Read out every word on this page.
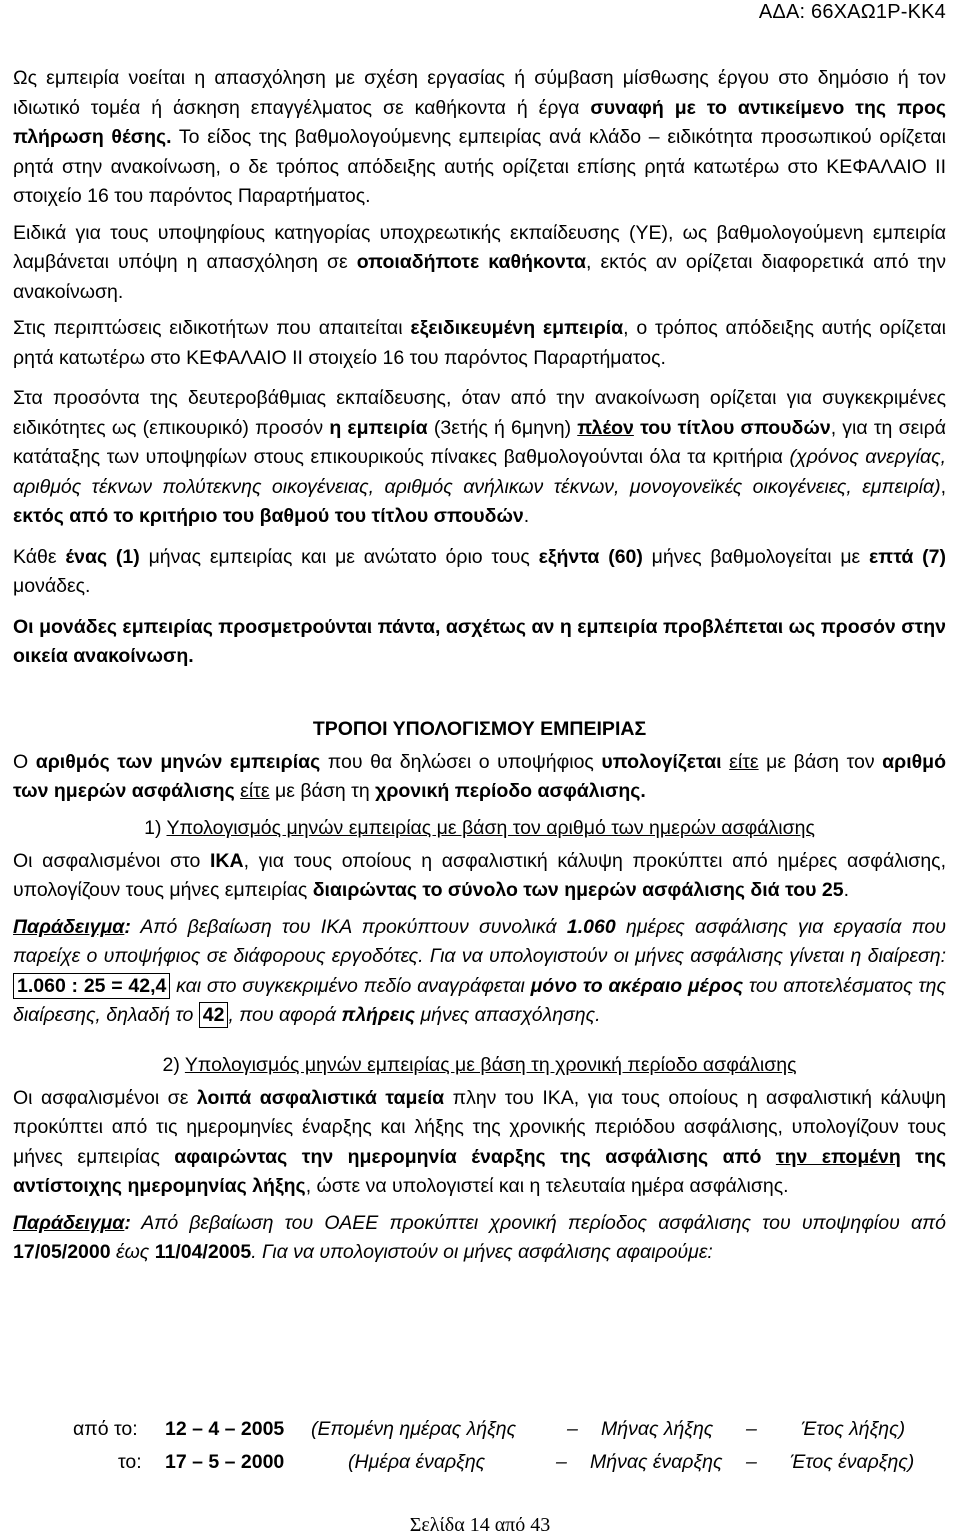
ΑΔΑ: 66ΧΑΩ1Ρ-ΚΚ4

Ως εμπειρία νοείται η απασχόληση με σχέση εργασίας ή σύμβαση μίσθωσης έργου στο δημόσιο ή τον ιδιωτικό τομέα ή άσκηση επαγγέλματος σε καθήκοντα ή έργα συναφή με το αντικείμενο της προς πλήρωση θέσης. Το είδος της βαθμολογούμενης εμπειρίας ανά κλάδο – ειδικότητα προσωπικού ορίζεται ρητά στην ανακοίνωση, ο δε τρόπος απόδειξης αυτής ορίζεται επίσης ρητά κατωτέρω στο ΚΕΦΑΛΑΙΟ ΙΙ στοιχείο 16 του παρόντος Παραρτήματος.

Ειδικά για τους υποψηφίους κατηγορίας υποχρεωτικής εκπαίδευσης (ΥΕ), ως βαθμολογούμενη εμπειρία λαμβάνεται υπόψη η απασχόληση σε οποιαδήποτε καθήκοντα, εκτός αν ορίζεται διαφορετικά από την ανακοίνωση.

Στις περιπτώσεις ειδικοτήτων που απαιτείται εξειδικευμένη εμπειρία, ο τρόπος απόδειξης αυτής ορίζεται ρητά κατωτέρω στο ΚΕΦΑΛΑΙΟ ΙΙ στοιχείο 16 του παρόντος Παραρτήματος.

Στα προσόντα της δευτεροβάθμιας εκπαίδευσης, όταν από την ανακοίνωση ορίζεται για συγκεκριμένες ειδικότητες ως (επικουρικό) προσόν η εμπειρία (3ετής ή 6μηνη) πλέον του τίτλου σπουδών, για τη σειρά κατάταξης των υποψηφίων στους επικουρικούς πίνακες βαθμολογούνται όλα τα κριτήρια (χρόνος ανεργίας, αριθμός τέκνων πολύτεκνης οικογένειας, αριθμός ανήλικων τέκνων, μονογονεϊκές οικογένειες, εμπειρία), εκτός από το κριτήριο του βαθμού του τίτλου σπουδών.

Κάθε ένας (1) μήνας εμπειρίας και με ανώτατο όριο τους εξήντα (60) μήνες βαθμολογείται με επτά (7) μονάδες.

Οι μονάδες εμπειρίας προσμετρούνται πάντα, ασχέτως αν η εμπειρία προβλέπεται ως προσόν στην οικεία ανακοίνωση.

ΤΡΟΠΟΙ ΥΠΟΛΟΓΙΣΜΟΥ ΕΜΠΕΙΡΙΑΣ

Ο αριθμός των μηνών εμπειρίας που θα δηλώσει ο υποψήφιος υπολογίζεται είτε με βάση τον αριθμό των ημερών ασφάλισης είτε με βάση τη χρονική περίοδο ασφάλισης.

1) Υπολογισμός μηνών εμπειρίας με βάση τον αριθμό των ημερών ασφάλισης

Οι ασφαλισμένοι στο ΙΚΑ, για τους οποίους η ασφαλιστική κάλυψη προκύπτει από ημέρες ασφάλισης, υπολογίζουν τους μήνες εμπειρίας διαιρώντας το σύνολο των ημερών ασφάλισης διά του 25.

Παράδειγμα: Από βεβαίωση του ΙΚΑ προκύπτουν συνολικά 1.060 ημέρες ασφάλισης για εργασία που παρείχε ο υποψήφιος σε διάφορους εργοδότες. Για να υπολογιστούν οι μήνες ασφάλισης γίνεται η διαίρεση: 1.060 : 25 = 42,4 και στο συγκεκριμένο πεδίο αναγράφεται μόνο το ακέραιο μέρος του αποτελέσματος της διαίρεσης, δηλαδή το 42 , που αφορά πλήρεις μήνες απασχόλησης.

2) Υπολογισμός μηνών εμπειρίας με βάση τη χρονική περίοδο ασφάλισης

Οι ασφαλισμένοι σε λοιπά ασφαλιστικά ταμεία πλην του ΙΚΑ, για τους οποίους η ασφαλιστική κάλυψη προκύπτει από τις ημερομηνίες έναρξης και λήξης της χρονικής περιόδου ασφάλισης, υπολογίζουν τους μήνες εμπειρίας αφαιρώντας την ημερομηνία έναρξης της ασφάλισης από την επομένη της αντίστοιχης ημερομηνίας λήξης, ώστε να υπολογιστεί και η τελευταία ημέρα ασφάλισης.

Παράδειγμα: Από βεβαίωση του ΟΑΕΕ προκύπτει χρονική περίοδος ασφάλισης του υποψηφίου από 17/05/2000 έως 11/04/2005. Για να υπολογιστούν οι μήνες ασφάλισης αφαιρούμε:

από το: 12 – 4 – 2005 (Επομένη ημέρας λήξης	– Μήνας λήξης – Έτος λήξης)
το: 17 – 5 – 2000	(Ημέρα έναρξης	– Μήνας έναρξης – Έτος έναρξης)
Σελίδα 14 από 43
